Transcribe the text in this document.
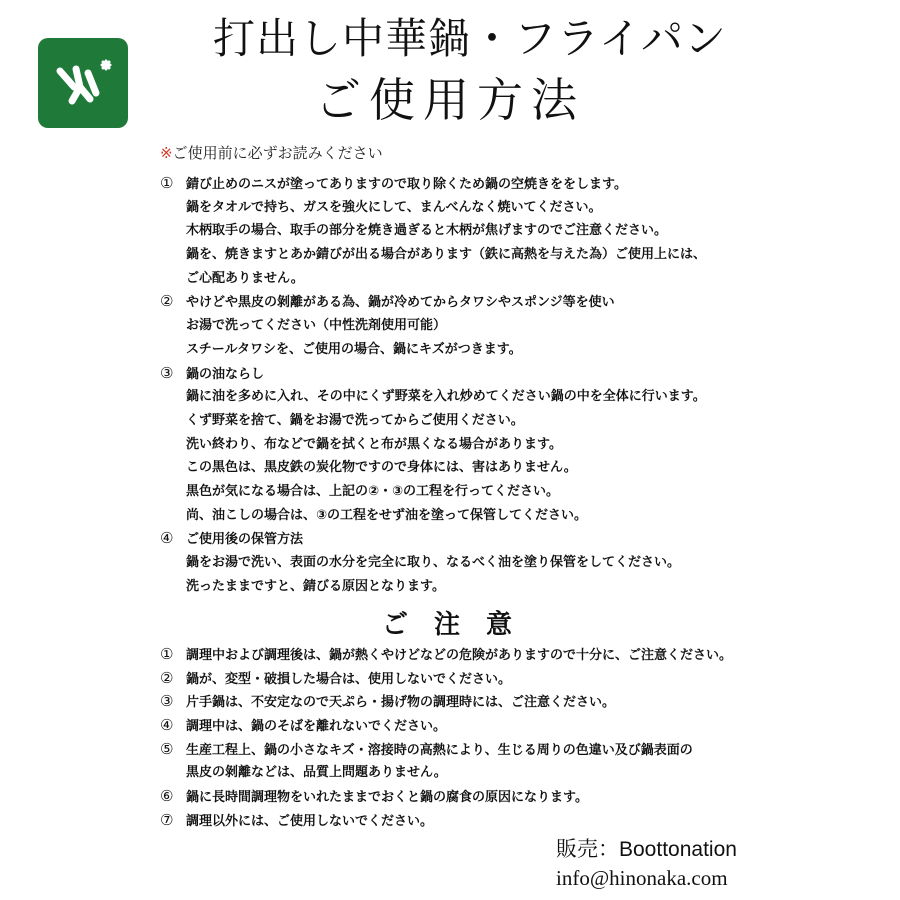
打出し中華鍋・フライパン
ご使用方法
※ご使用前に必ずお読みください
① 錆び止めのニスが塗ってありますので取り除くため鍋の空焼きををします。
鍋をタオルで持ち、ガスを強火にして、まんべんなく焼いてください。
木柄取手の場合、取手の部分を焼き過ぎると木柄が焦げますのでご注意ください。
鍋を、焼きますとあか錆びが出る場合があります（鉄に高熱を与えた為）ご使用上には、
ご心配ありません。
② やけどや黒皮の剝離がある為、鍋が冷めてからタワシやスポンジ等を使い
お湯で洗ってください（中性洗剤使用可能）
スチールタワシを、ご使用の場合、鍋にキズがつきます。
③ 鍋の油ならし
鍋に油を多めに入れ、その中にくず野菜を入れ炒めてください鍋の中を全体に行います。
くず野菜を捨て、鍋をお湯で洗ってからご使用ください。
洗い終わり、布などで鍋を拭くと布が黒くなる場合があります。
この黒色は、黒皮鉄の炭化物ですので身体には、害はありません。
黒色が気になる場合は、上記の②・③の工程を行ってください。
尚、油こしの場合は、③の工程をせず油を塗って保管してください。
④ ご使用後の保管方法
鍋をお湯で洗い、表面の水分を完全に取り、なるべく油を塗り保管をしてください。
洗ったままですと、錆びる原因となります。
ご注意
① 調理中および調理後は、鍋が熱くやけどなどの危険がありますので十分に、ご注意ください。
② 鍋が、変型・破損した場合は、使用しないでください。
③ 片手鍋は、不安定なので天ぷら・揚げ物の調理時には、ご注意ください。
④ 調理中は、鍋のそばを離れないでください。
⑤ 生産工程上、鍋の小さなキズ・溶接時の高熱により、生じる周りの色違い及び鍋表面の
黒皮の剝離などは、品質上問題ありません。
⑥ 鍋に長時間調理物をいれたままでおくと鍋の腐食の原因になります。
⑦ 調理以外には、ご使用しないでください。
販売：Boottonation
info@hinonaka.com
